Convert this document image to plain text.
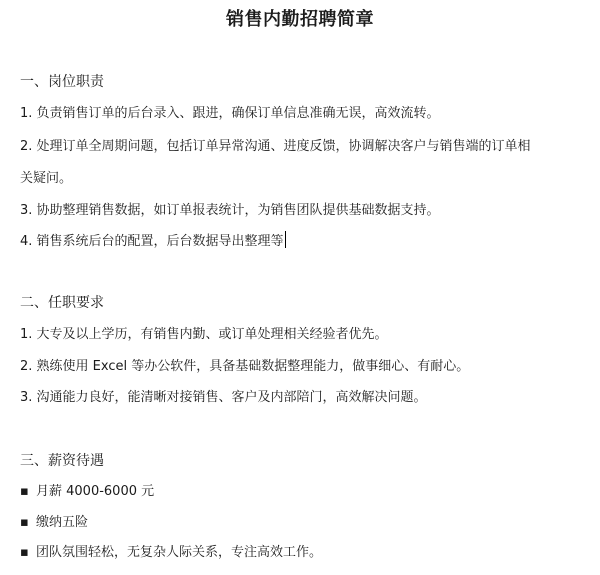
销售内勤招聘简章
一、岗位职责
1. 负责销售订单的后台录入、跟进，确保订单信息准确无误，高效流转。
2. 处理订单全周期问题，包括订单异常沟通、进度反馈，协调解决客户与销售端的订单相
关疑问。
3. 协助整理销售数据，如订单报表统计，为销售团队提供基础数据支持。
4. 销售系统后台的配置，后台数据导出整理等
二、任职要求
1. 大专及以上学历，有销售内勤、或订单处理相关经验者优先。
2. 熟练使用 Excel 等办公软件，具备基础数据整理能力，做事细心、有耐心。
3. 沟通能力良好，能清晰对接销售、客户及内部陪门，高效解决问题。
三、薪资待遇
▪ 月薪 4000-6000 元
▪ 缴纳五险
▪ 团队氛围轻松，无复杂人际关系，专注高效工作。
